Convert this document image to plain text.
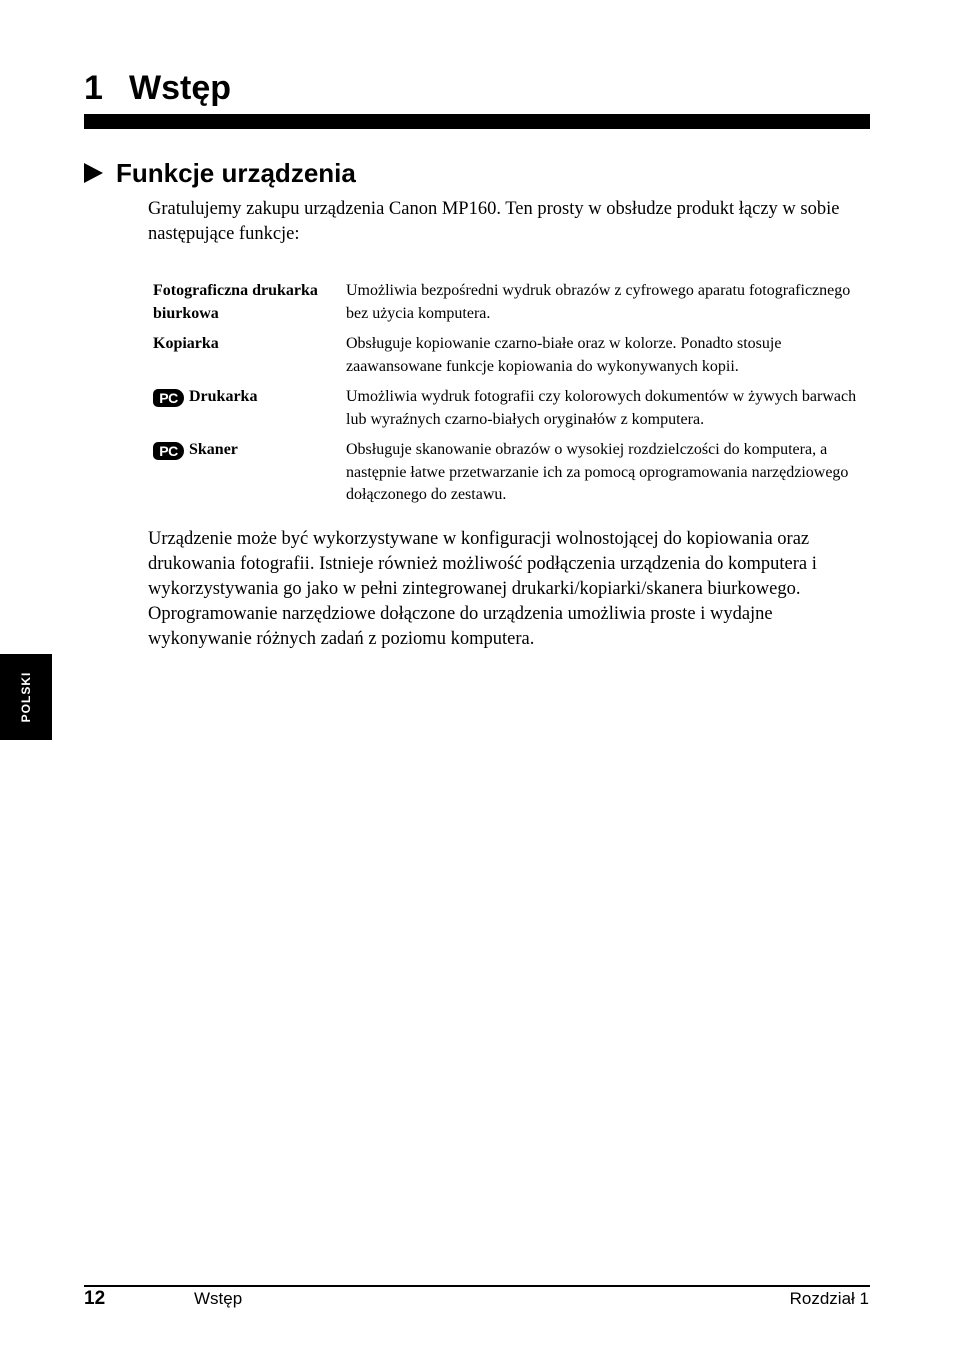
1 Wstęp
Funkcje urządzenia

Gratulujemy zakupu urządzenia Canon MP160. Ten prosty w obsłudze produkt łączy w sobie następujące funkcje:

Fotograficzna drukarka biurkowa	Umożliwia bezpośredni wydruk obrazów z cyfrowego aparatu fotograficznego bez użycia komputera.
Kopiarka	Obsługuje kopiowanie czarno-białe oraz w kolorze. Ponadto stosuje zaawansowane funkcje kopiowania do wykonywanych kopii.
PC Drukarka	Umożliwia wydruk fotografii czy kolorowych dokumentów w żywych barwach lub wyraźnych czarno-białych oryginałów z komputera.
PC Skaner	Obsługuje skanowanie obrazów o wysokiej rozdzielczości do komputera, a następnie łatwe przetwarzanie ich za pomocą oprogramowania narzędziowego dołączonego do zestawu.

Urządzenie może być wykorzystywane w konfiguracji wolnostojącej do kopiowania oraz drukowania fotografii. Istnieje również możliwość podłączenia urządzenia do komputera i wykorzystywania go jako w pełni zintegrowanej drukarki/kopiarki/skanera biurkowego. Oprogramowanie narzędziowe dołączone do urządzenia umożliwia proste i wydajne wykonywanie różnych zadań z poziomu komputera.

POLSKI
12	Wstęp	Rozdział 1
